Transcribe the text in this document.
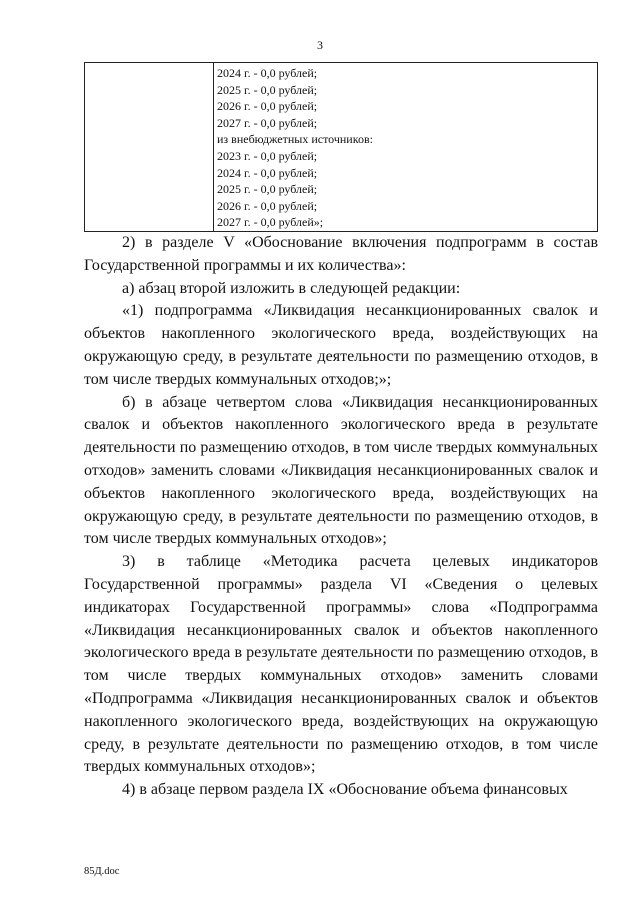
3

2024 г. - 0,0 рублей;
2025 г. - 0,0 рублей;
2026 г. - 0,0 рублей;
2027 г. - 0,0 рублей;
из внебюджетных источников:
2023 г. - 0,0 рублей;
2024 г. - 0,0 рублей;
2025 г. - 0,0 рублей;
2026 г. - 0,0 рублей;
2027 г. - 0,0 рублей»;

2) в разделе V «Обоснование включения подпрограмм в состав Государственной программы и их количества»:

а) абзац второй изложить в следующей редакции:

«1) подпрограмма «Ликвидация несанкционированных свалок и объектов накопленного экологического вреда, воздействующих на окружающую среду, в результате деятельности по размещению отходов, в том числе твердых коммунальных отходов;»;

б) в абзаце четвертом слова «Ликвидация несанкционированных свалок и объектов накопленного экологического вреда в результате деятельности по размещению отходов, в том числе твердых коммунальных отходов» заменить словами «Ликвидация несанкционированных свалок и объектов накопленного экологического вреда, воздействующих на окружающую среду, в результате деятельности по размещению отходов, в том числе твердых коммунальных отходов»;

3) в таблице «Методика расчета целевых индикаторов Государственной программы» раздела VI «Сведения о целевых индикаторах Государственной программы» слова «Подпрограмма «Ликвидация несанкционированных свалок и объектов накопленного экологического вреда в результате деятельности по размещению отходов, в том числе твердых коммунальных отходов» заменить словами «Подпрограмма «Ликвидация несанкционированных свалок и объектов накопленного экологического вреда, воздействующих на окружающую среду, в результате деятельности по размещению отходов, в том числе твердых коммунальных отходов»;

4) в абзаце первом раздела IX «Обоснование объема финансовых

85Д.doc
